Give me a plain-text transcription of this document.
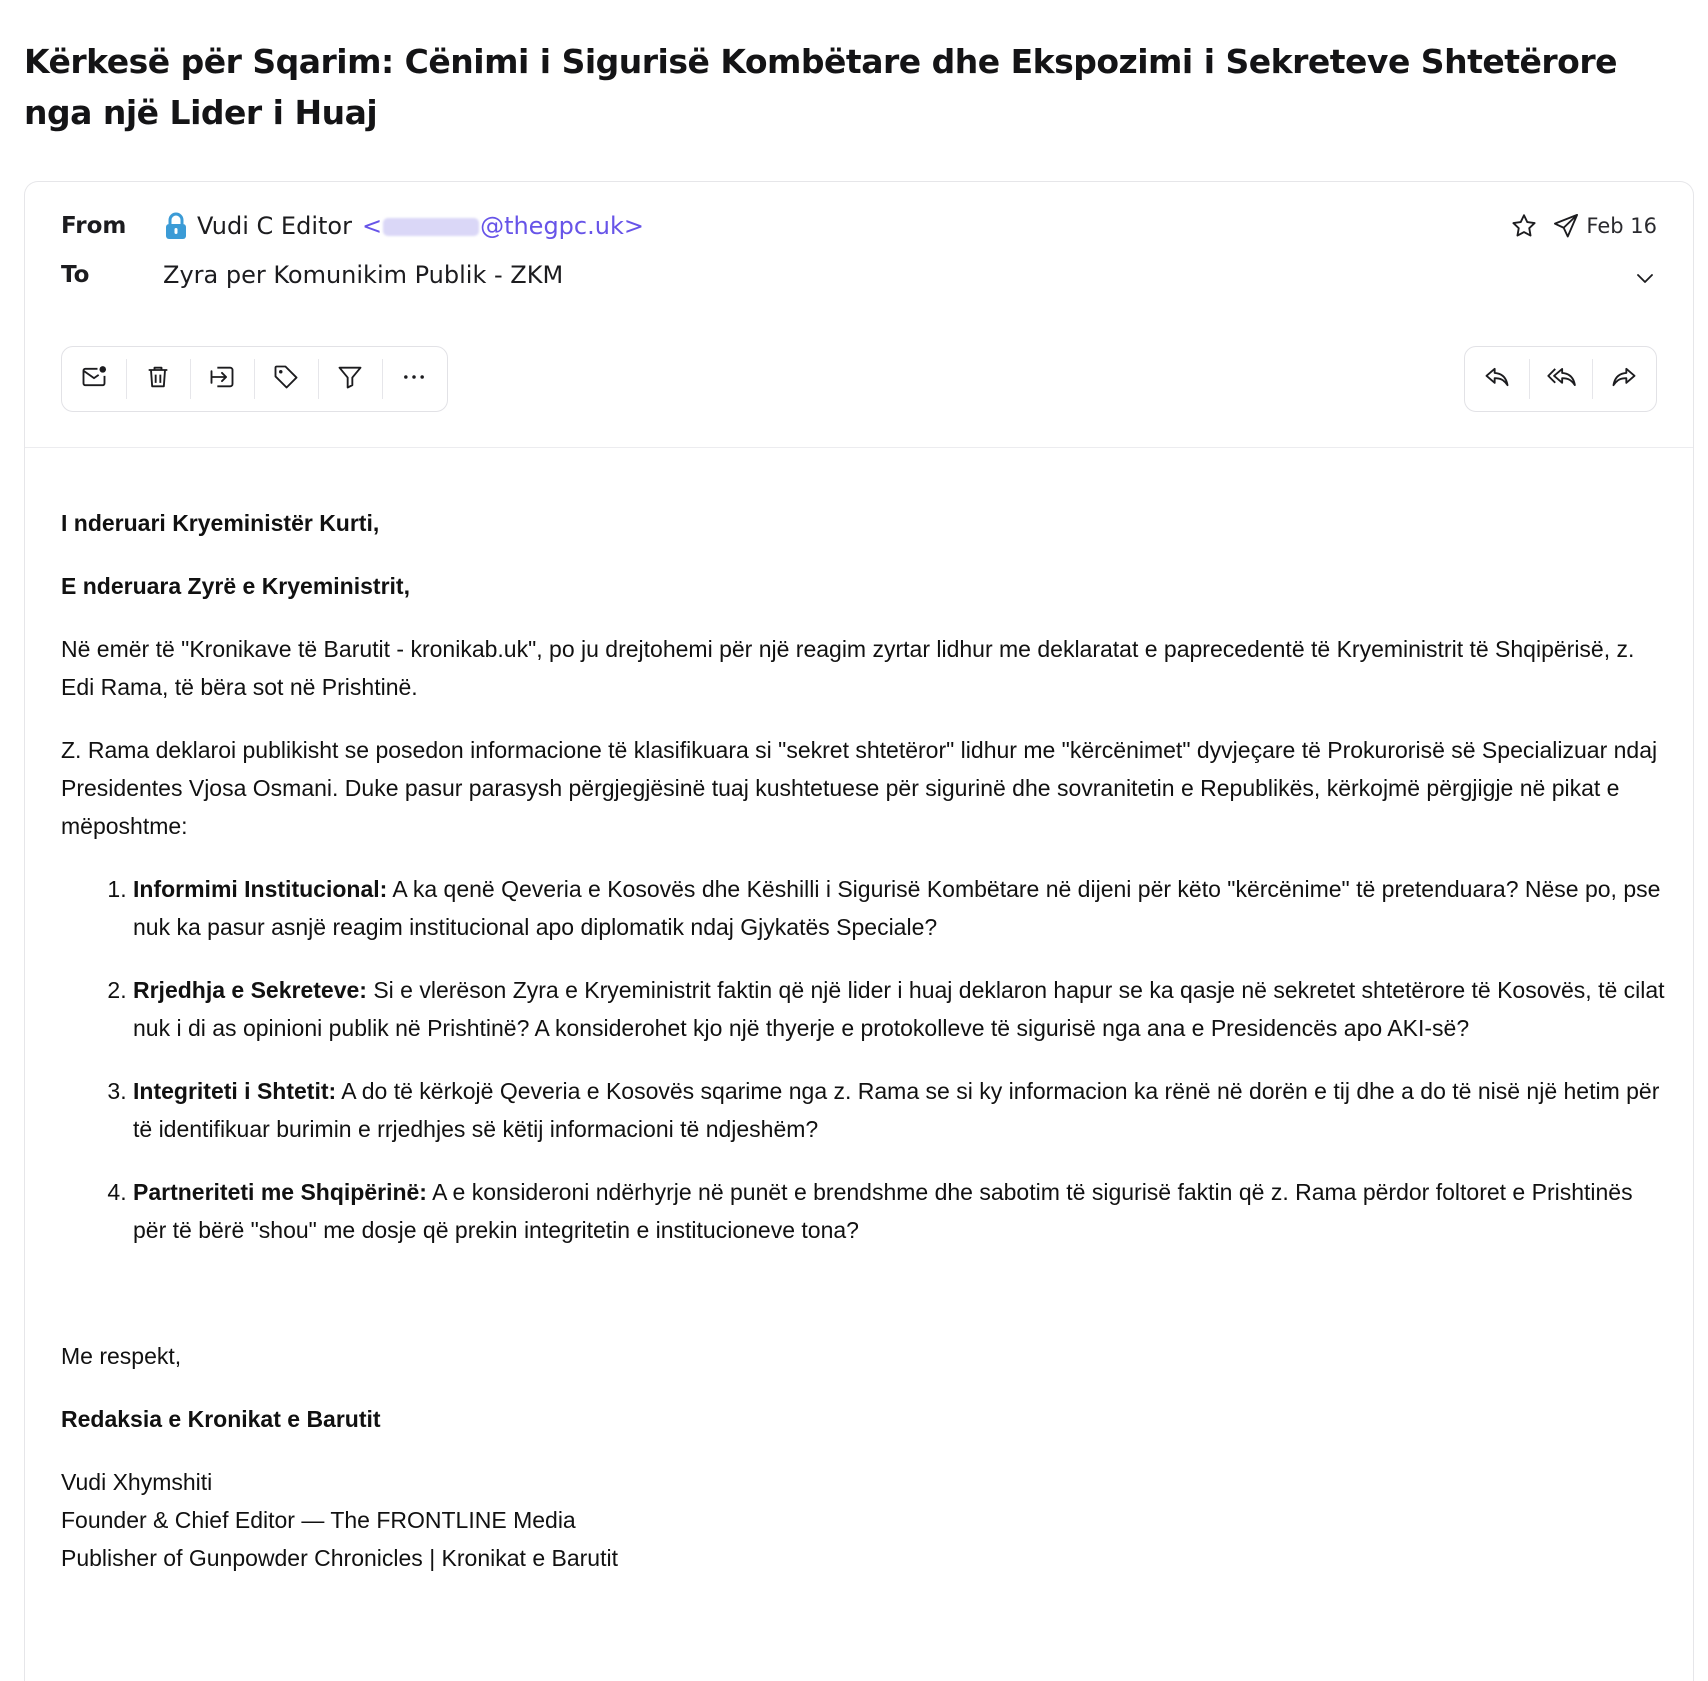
Kërkesë për Sqarim: Cënimi i Sigurisë Kombëtare dhe Ekspozimi i Sekreteve Shtetërore nga një Lider i Huaj
From	Vudi C Editor <	@thegpc.uk>
To	Zyra per Komunikim Publik - ZKM
Feb 16

I nderuari Kryeministër Kurti,

E nderuara Zyrë e Kryeministrit,

Në emër të "Kronikave të Barutit - kronikab.uk", po ju drejtohemi për një reagim zyrtar lidhur me deklaratat e paprecedentë të Kryeministrit të Shqipërisë, z. Edi Rama, të bëra sot në Prishtinë.

Z. Rama deklaroi publikisht se posedon informacione të klasifikuara si "sekret shtetëror" lidhur me "kërcënimet" dyvjeçare të Prokurorisë së Specializuar ndaj Presidentes Vjosa Osmani. Duke pasur parasysh përgjegjësinë tuaj kushtetuese për sigurinë dhe sovranitetin e Republikës, kërkojmë përgjigje në pikat e mëposhtme:

1. Informimi Institucional: A ka qenë Qeveria e Kosovës dhe Këshilli i Sigurisë Kombëtare në dijeni për këto "kërcënime" të pretenduara? Nëse po, pse nuk ka pasur asnjë reagim institucional apo diplomatik ndaj Gjykatës Speciale?
2. Rrjedhja e Sekreteve: Si e vlerëson Zyra e Kryeministrit faktin që një lider i huaj deklaron hapur se ka qasje në sekretet shtetërore të Kosovës, të cilat nuk i di as opinioni publik në Prishtinë? A konsiderohet kjo një thyerje e protokolleve të sigurisë nga ana e Presidencës apo AKI-së?
3. Integriteti i Shtetit: A do të kërkojë Qeveria e Kosovës sqarime nga z. Rama se si ky informacion ka rënë në dorën e tij dhe a do të nisë një hetim për të identifikuar burimin e rrjedhjes së këtij informacioni të ndjeshëm?
4. Partneriteti me Shqipërinë: A e konsideroni ndërhyrje në punët e brendshme dhe sabotim të sigurisë faktin që z. Rama përdor foltoret e Prishtinës për të bërë "shou" me dosje që prekin integritetin e institucioneve tona?

Me respekt,

Redaksia e Kronikat e Barutit

Vudi Xhymshiti
Founder & Chief Editor — The FRONTLINE Media
Publisher of Gunpowder Chronicles | Kronikat e Barutit
